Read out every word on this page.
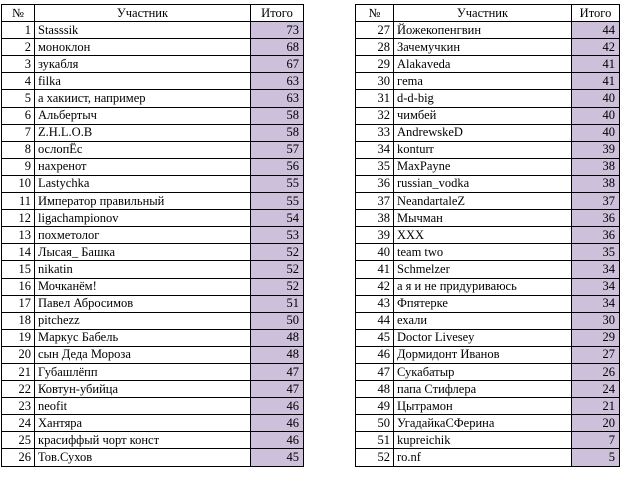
№	Участник	Итого
1	Stasssik	73
2	моноклон	68
3	зукабля	67
4	filka	63
5	а хакиист, например	63
6	Альбертыч	58
7	Z.H.L.O.B	58
8	ослопЁс	57
9	нахренот	56
10	Lastychka	55
11	Император правильный	55
12	ligachampionov	54
13	похметолог	53
14	Лысая_ Башка	52
15	nikatin	52
16	Мочканём!	52
17	Павел Абросимов	51
18	pitchezz	50
19	Маркус Бабель	48
20	сын Деда Мороза	48
21	Губашлёпп	47
22	Ковтун-убийца	47
23	neofit	46
24	Хантяра	46
25	красиффый чорт конст	46
26	Тов.Сухов	45
№	Участник	Итого
27	Йожекопенгвин	44
28	Зачемучкин	42
29	Alakaveda	41
30	гema	41
31	d-d-big	40
32	чимбей	40
33	AndrewskeD	40
34	konturr	39
35	MaxPayne	38
36	russian_vodka	38
37	NeandartaleZ	37
38	Мычман	36
39	XXX	36
40	team two	35
41	Schmelzer	34
42	а я и не придуриваюсь	34
43	Фпятерке	34
44	ехали	30
45	Doctor Livesey	29
46	Дормидонт Иванов	27
47	Сукабатыр	26
48	папа Стифлера	24
49	Цытрамон	21
50	УгадайкаСФерина	20
51	kupreichik	7
52	ro.nf	5
